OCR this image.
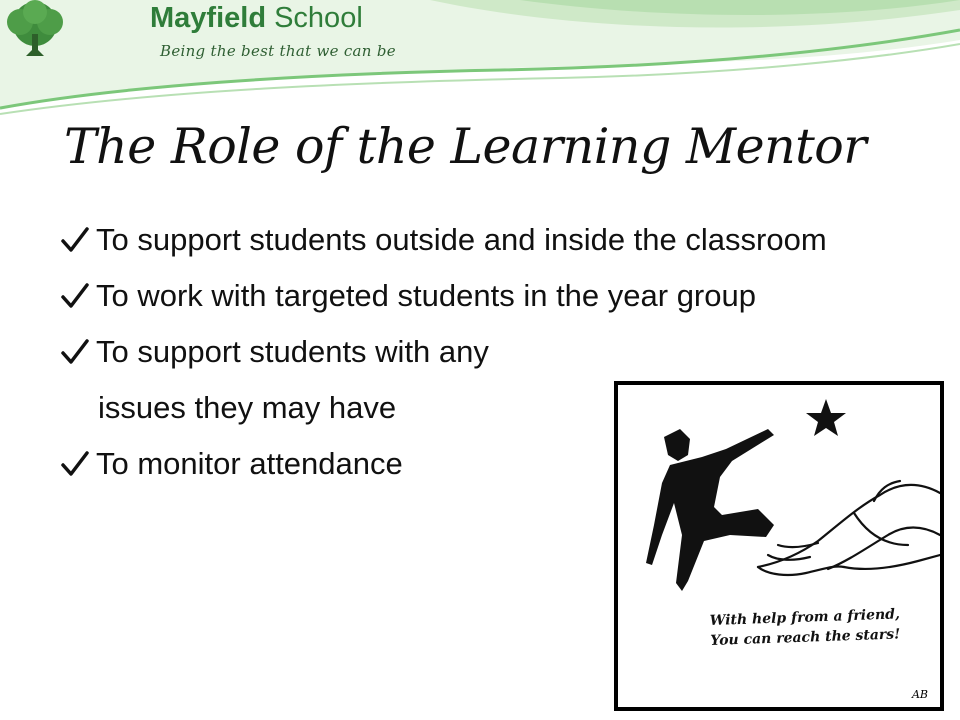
Mayfield School
Being the best that we can be
The Role of the Learning Mentor
To support students outside and inside the classroom
To work with targeted students in the year group
To support students with any
issues they may have
To monitor attendance
With help from a friend,
You can reach the stars!
AB
